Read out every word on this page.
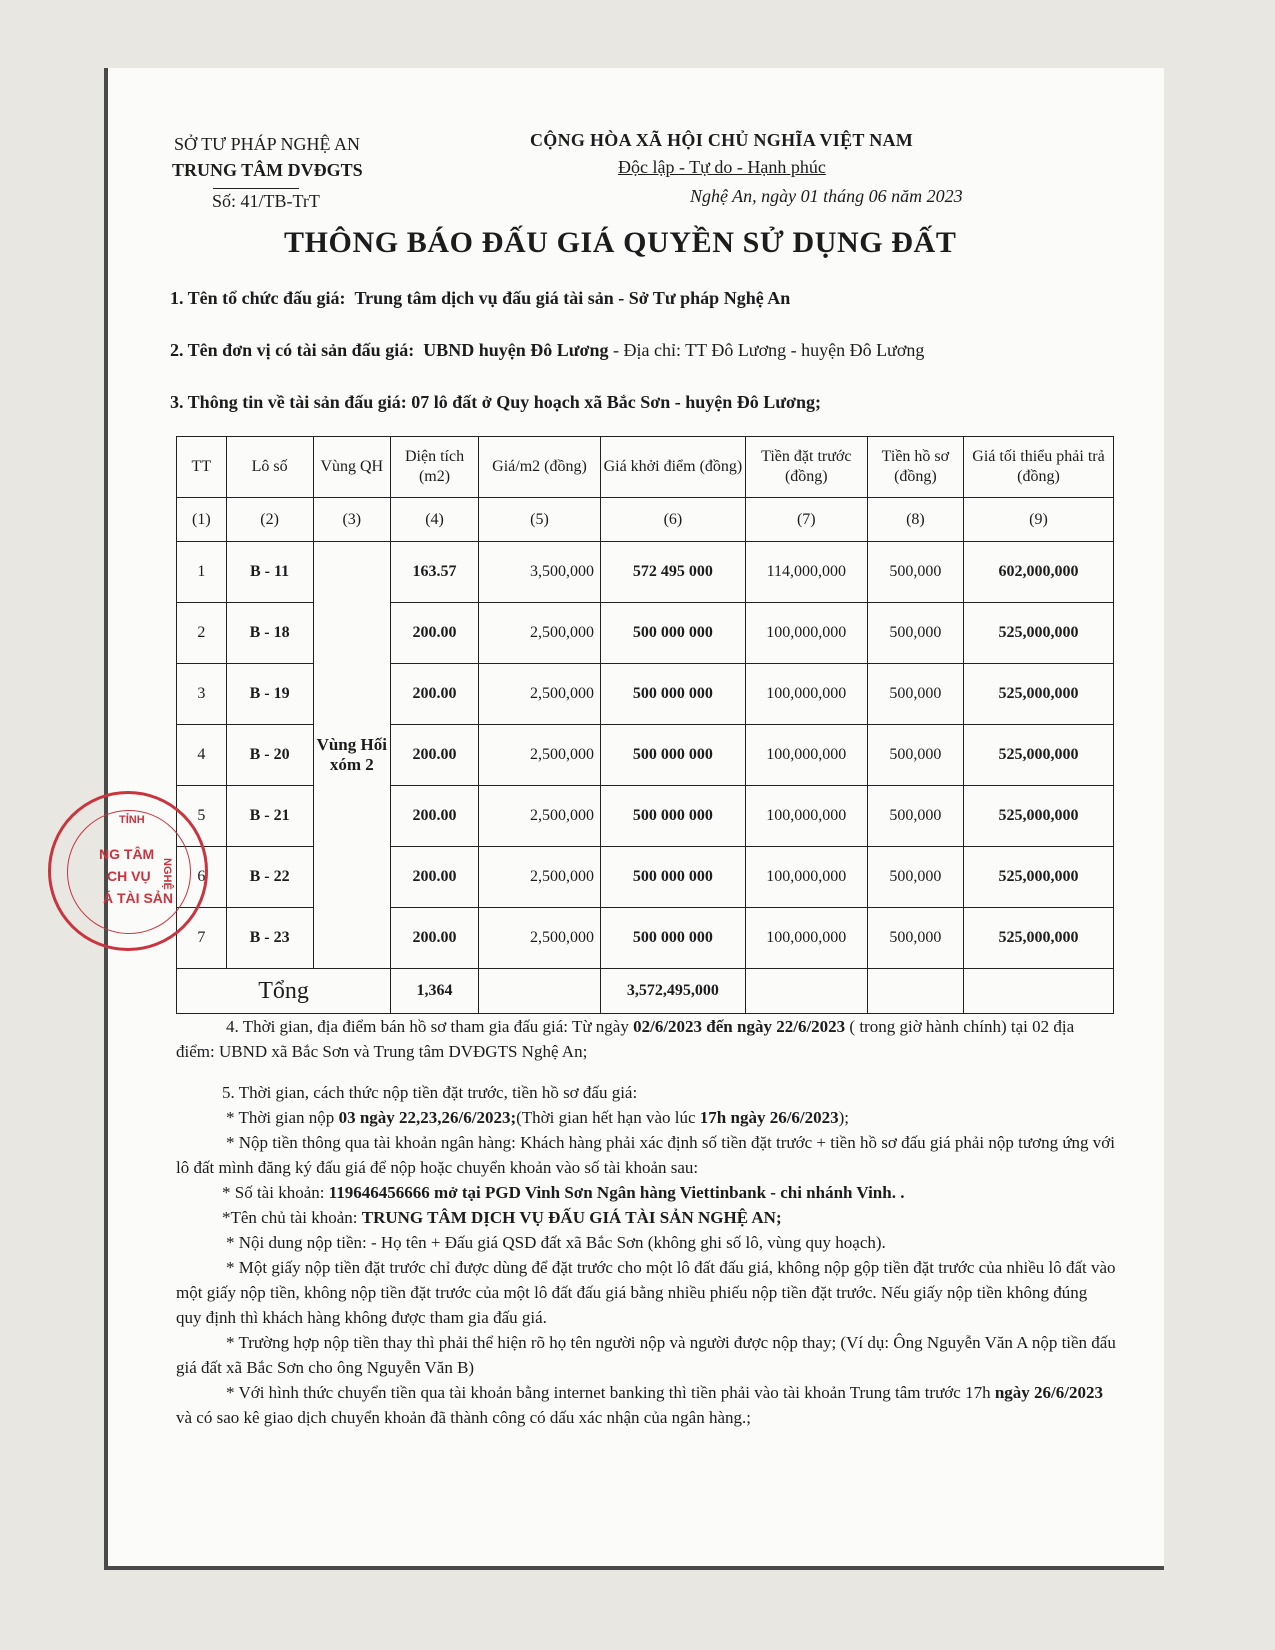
SỞ TƯ PHÁP NGHỆ AN
TRUNG TÂM DVĐGTS
Số: 41/TB-TrT
CỘNG HÒA XÃ HỘI CHỦ NGHĨA VIỆT NAM
Độc lập - Tự do - Hạnh phúc
Nghệ An, ngày 01 tháng 06 năm 2023
THÔNG BÁO ĐẤU GIÁ QUYỀN SỬ DỤNG ĐẤT
1. Tên tổ chức đấu giá: Trung tâm dịch vụ đấu giá tài sản - Sở Tư pháp Nghệ An
2. Tên đơn vị có tài sản đấu giá: UBND huyện Đô Lương - Địa chỉ: TT Đô Lương - huyện Đô Lương
3. Thông tin về tài sản đấu giá: 07 lô đất ở Quy hoạch xã Bắc Sơn - huyện Đô Lương;
TT	Lô số	Vùng QH	Diện tích (m2)	Giá/m2 (đồng)	Giá khởi điểm (đồng)	Tiền đặt trước (đồng)	Tiền hồ sơ (đồng)	Giá tối thiểu phải trả (đồng)
(1)	(2)	(3)	(4)	(5)	(6)	(7)	(8)	(9)
1	B - 11	Vùng Hối xóm 2	163.57	3,500,000	572 495 000	114,000,000	500,000	602,000,000
2	B - 18		200.00	2,500,000	500 000 000	100,000,000	500,000	525,000,000
3	B - 19		200.00	2,500,000	500 000 000	100,000,000	500,000	525,000,000
4	B - 20		200.00	2,500,000	500 000 000	100,000,000	500,000	525,000,000
5	B - 21		200.00	2,500,000	500 000 000	100,000,000	500,000	525,000,000
6	B - 22		200.00	2,500,000	500 000 000	100,000,000	500,000	525,000,000
7	B - 23		200.00	2,500,000	500 000 000	100,000,000	500,000	525,000,000
Tổng			1,364		3,572,495,000			
TỈNH
NG TÂM
CH VỤ
Á TÀI SẢN
NGHỆ
4. Thời gian, địa điểm bán hồ sơ tham gia đấu giá: Từ ngày 02/6/2023 đến ngày 22/6/2023 ( trong giờ hành chính) tại 02 địa điểm: UBND xã Bắc Sơn và Trung tâm DVĐGTS Nghệ An;
5. Thời gian, cách thức nộp tiền đặt trước, tiền hồ sơ đấu giá:
* Thời gian nộp 03 ngày 22,23,26/6/2023;(Thời gian hết hạn vào lúc 17h ngày 26/6/2023);
* Nộp tiền thông qua tài khoản ngân hàng: Khách hàng phải xác định số tiền đặt trước + tiền hồ sơ đấu giá phải nộp tương ứng với lô đất mình đăng ký đấu giá để nộp hoặc chuyển khoản vào số tài khoản sau:
* Số tài khoản: 119646456666 mở tại PGD Vinh Sơn Ngân hàng Viettinbank - chi nhánh Vinh. .
*Tên chủ tài khoản: TRUNG TÂM DỊCH VỤ ĐẤU GIÁ TÀI SẢN NGHỆ AN;
* Nội dung nộp tiền: - Họ tên + Đấu giá QSD đất xã Bắc Sơn (không ghi số lô, vùng quy hoạch).
* Một giấy nộp tiền đặt trước chỉ được dùng để đặt trước cho một lô đất đấu giá, không nộp gộp tiền đặt trước của nhiều lô đất vào một giấy nộp tiền, không nộp tiền đặt trước của một lô đất đấu giá bằng nhiều phiếu nộp tiền đặt trước. Nếu giấy nộp tiền không đúng quy định thì khách hàng không được tham gia đấu giá.
* Trường hợp nộp tiền thay thì phải thể hiện rõ họ tên người nộp và người được nộp thay; (Ví dụ: Ông Nguyễn Văn A nộp tiền đấu giá đất xã Bắc Sơn cho ông Nguyễn Văn B)
* Với hình thức chuyển tiền qua tài khoản bằng internet banking thì tiền phải vào tài khoản Trung tâm trước 17h ngày 26/6/2023 và có sao kê giao dịch chuyển khoản đã thành công có dấu xác nhận của ngân hàng.;
